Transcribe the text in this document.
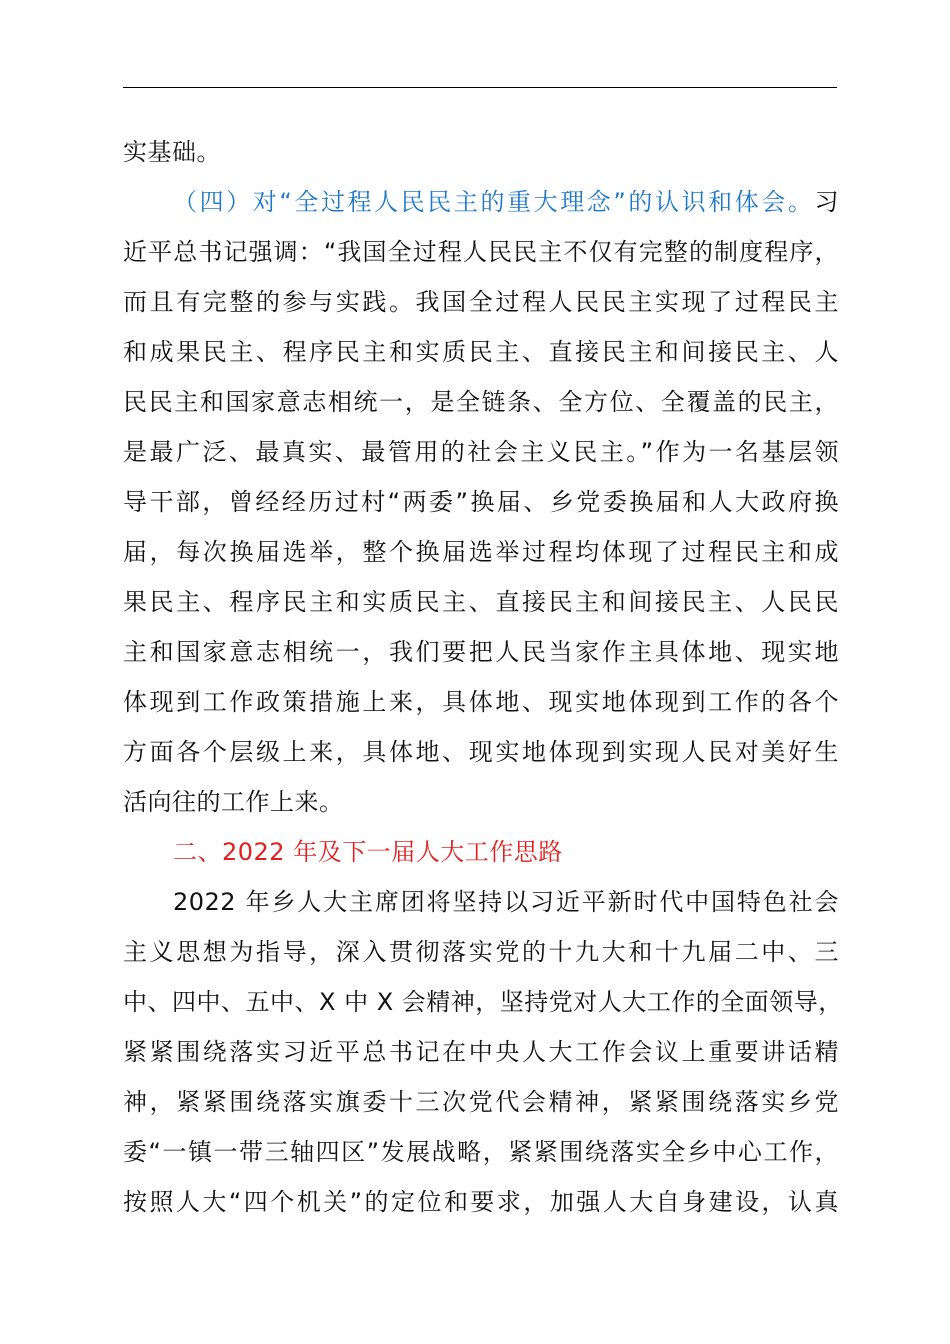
实基础。
（四）对“全过程人民民主的重大理念”的认识和体会。习
近平总书记强调：“我国全过程人民民主不仅有完整的制度程序，
而且有完整的参与实践。我国全过程人民民主实现了过程民主
和成果民主、程序民主和实质民主、直接民主和间接民主、人
民民主和国家意志相统一，是全链条、全方位、全覆盖的民主，
是最广泛、最真实、最管用的社会主义民主。”作为一名基层领
导干部，曾经经历过村“两委”换届、乡党委换届和人大政府换
届，每次换届选举，整个换届选举过程均体现了过程民主和成
果民主、程序民主和实质民主、直接民主和间接民主、人民民
主和国家意志相统一，我们要把人民当家作主具体地、现实地
体现到工作政策措施上来，具体地、现实地体现到工作的各个
方面各个层级上来，具体地、现实地体现到实现人民对美好生
活向往的工作上来。
二、2022 年及下一届人大工作思路
2022 年乡人大主席团将坚持以习近平新时代中国特色社会
主义思想为指导，深入贯彻落实党的十九大和十九届二中、三
中、四中、五中、X 中 X 会精神，坚持党对人大工作的全面领导，
紧紧围绕落实习近平总书记在中央人大工作会议上重要讲话精
神，紧紧围绕落实旗委十三次党代会精神，紧紧围绕落实乡党
委“一镇一带三轴四区”发展战略，紧紧围绕落实全乡中心工作，
按照人大“四个机关”的定位和要求，加强人大自身建设，认真
